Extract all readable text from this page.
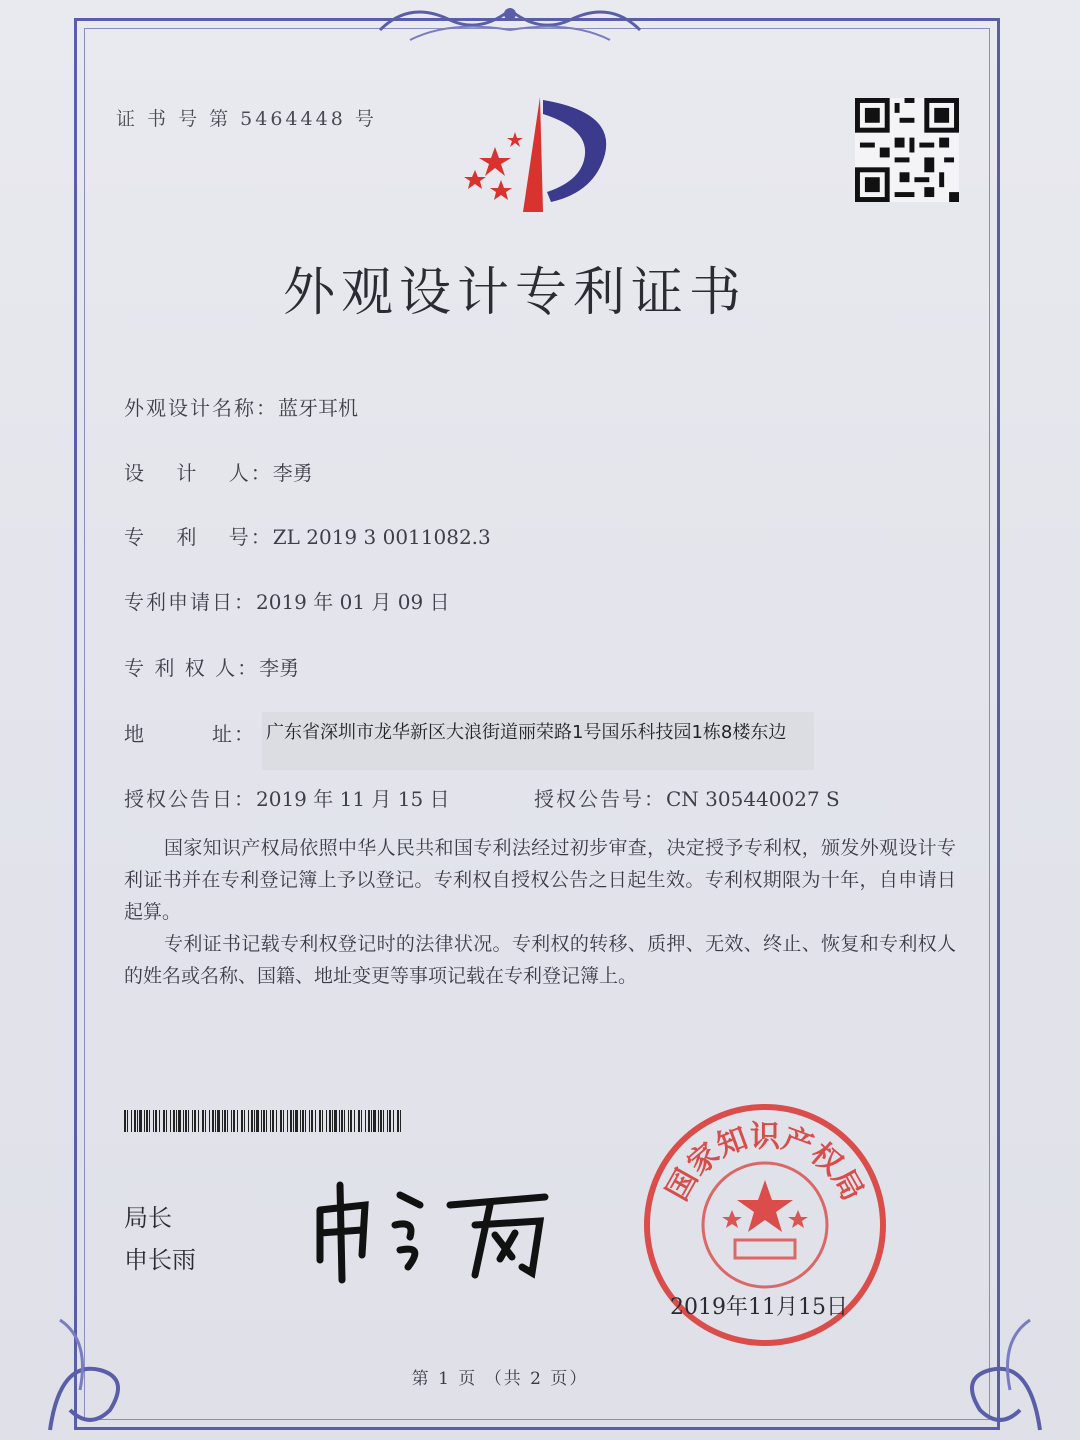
证 书 号 第 5464448 号
外观设计专利证书
外观设计名称：蓝牙耳机
设　 计　 人：李勇
专　 利　 号：ZL 2019 3 0011082.3
专利申请日：2019 年 01 月 09 日
专 利 权 人：李勇
地　　　址： 广东省深圳市龙华新区大浪街道丽荣路1号国乐科技园1栋8楼东边
授权公告日：2019 年 11 月 15 日	授权公告号：CN 305440027 S
国家知识产权局依照中华人民共和国专利法经过初步审查，决定授予专利权，颁发外观设计专利证书并在专利登记簿上予以登记。专利权自授权公告之日起生效。专利权期限为十年，自申请日起算。
专利证书记载专利权登记时的法律状况。专利权的转移、质押、无效、终止、恢复和专利权人的姓名或名称、国籍、地址变更等事项记载在专利登记簿上。
局长
申长雨
国家知识产权局
2019年11月15日
第 1 页 （共 2 页）
